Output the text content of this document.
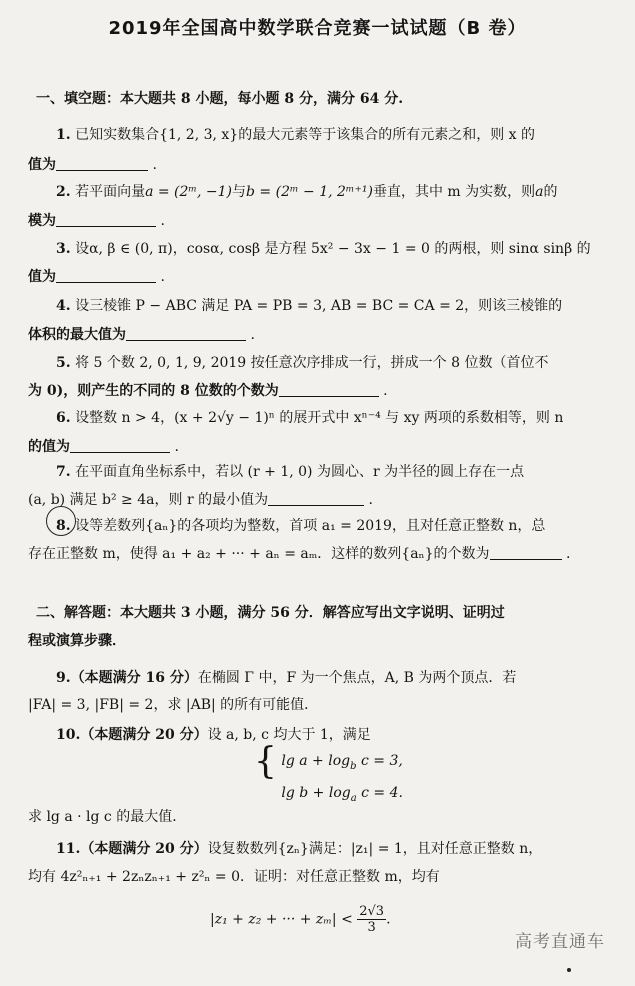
2019年全国高中数学联合竞赛一试试题（B 卷）
一、填空题：本大题共 8 小题，每小题 8 分，满分 64 分.
1. 已知实数集合{1, 2, 3, x}的最大元素等于该集合的所有元素之和，则 x 的
值为	.
2. 若平面向量a = (2ᵐ, −1)与b = (2ᵐ − 1, 2ᵐ⁺¹)垂直，其中 m 为实数，则a的
模为	.
3. 设α, β ∈ (0, π)，cosα, cosβ 是方程 5x² − 3x − 1 = 0 的两根，则 sinα sinβ 的
值为	.
4. 设三棱锥 P − ABC 满足 PA = PB = 3, AB = BC = CA = 2，则该三棱锥的
体积的最大值为	.
5. 将 5 个数 2, 0, 1, 9, 2019 按任意次序排成一行，拼成一个 8 位数（首位不
为 0)，则产生的不同的 8 位数的个数为	.
6. 设整数 n > 4，(x + 2√y − 1)ⁿ 的展开式中 xⁿ⁻⁴ 与 xy 两项的系数相等，则 n
的值为	.
7. 在平面直角坐标系中，若以 (r + 1, 0) 为圆心、r 为半径的圆上存在一点
(a, b) 满足 b² ≥ 4a，则 r 的最小值为	.
8. 设等差数列{aₙ}的各项均为整数，首项 a₁ = 2019，且对任意正整数 n，总
存在正整数 m，使得 a₁ + a₂ + ··· + aₙ = aₘ．这样的数列{aₙ}的个数为	.
二、解答题：本大题共 3 小题，满分 56 分．解答应写出文字说明、证明过
程或演算步骤．
9.（本题满分 16 分）在椭圆 Γ 中，F 为一个焦点，A, B 为两个顶点．若
|FA| = 3, |FB| = 2，求 |AB| 的所有可能值．
10.（本题满分 20 分）设 a, b, c 均大于 1，满足
{ $\lg a + \log_b c = 3$,
$\lg b + \log_a c = 4$.
求 lg a · lg c 的最大值．
11.（本题满分 20 分）设复数数列{zₙ}满足：|z₁| = 1，且对任意正整数 n，
均有 4z²ₙ₊₁ + 2zₙzₙ₊₁ + z²ₙ = 0．证明：对任意正整数 m，均有
|z₁ + z₂ + ··· + $z_m| < \frac{2√3}{3}$ .
高考直通车
